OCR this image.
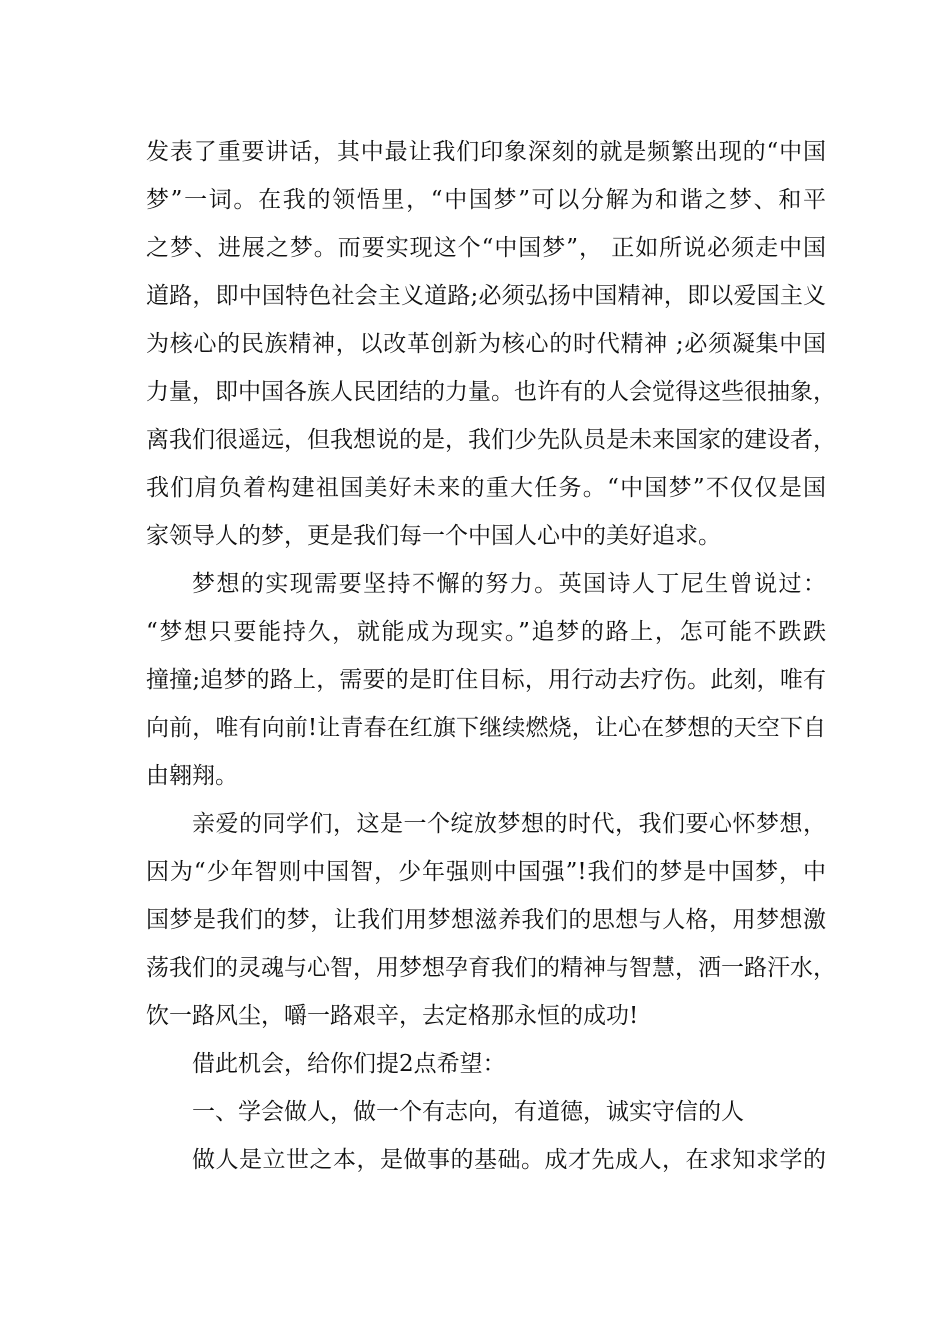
发表了重要讲话，其中最让我们印象深刻的就是频繁出现的“中国
梦”一词。在我的领悟里，“中国梦”可以分解为和谐之梦、和平
之梦、进展之梦。而要实现这个“中国梦”， 正如所说必须走中国
道路，即中国特色社会主义道路;必须弘扬中国精神，即以爱国主义
为核心的民族精神，以改革创新为核心的时代精神 ;必须凝集中国
力量，即中国各族人民团结的力量。也许有的人会觉得这些很抽象，
离我们很遥远，但我想说的是，我们少先队员是未来国家的建设者，
我们肩负着构建祖国美好未来的重大任务。“中国梦”不仅仅是国
家领导人的梦，更是我们每一个中国人心中的美好追求。
梦想的实现需要坚持不懈的努力。英国诗人丁尼生曾说过：
“梦想只要能持久，就能成为现实。”追梦的路上，怎可能不跌跌
撞撞;追梦的路上，需要的是盯住目标，用行动去疗伤。此刻，唯有
向前，唯有向前!让青春在红旗下继续燃烧，让心在梦想的天空下自
由翱翔。
亲爱的同学们，这是一个绽放梦想的时代，我们要心怀梦想，
因为“少年智则中国智，少年强则中国强”!我们的梦是中国梦，中
国梦是我们的梦，让我们用梦想滋养我们的思想与人格，用梦想激
荡我们的灵魂与心智，用梦想孕育我们的精神与智慧，洒一路汗水，
饮一路风尘，嚼一路艰辛，去定格那永恒的成功!
借此机会，给你们提2点希望：
一、学会做人，做一个有志向，有道德，诚实守信的人
做人是立世之本，是做事的基础。成才先成人，在求知求学的
